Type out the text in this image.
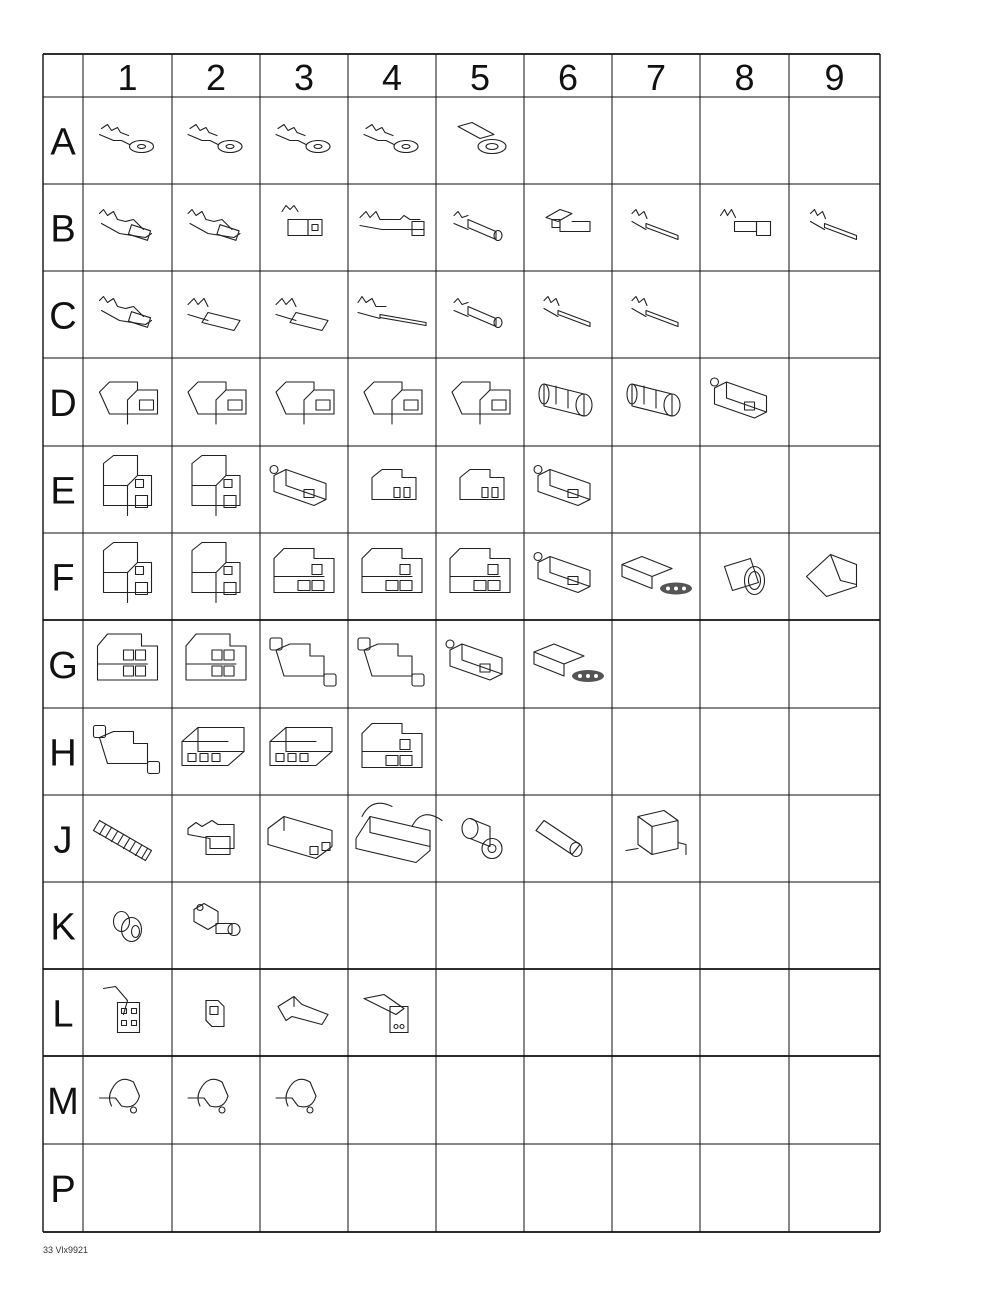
1 2 3 4 5 6 7 8 9
A
B
C
D
E
F
G
H
J
K
L
M
P
33 Vlx9921
